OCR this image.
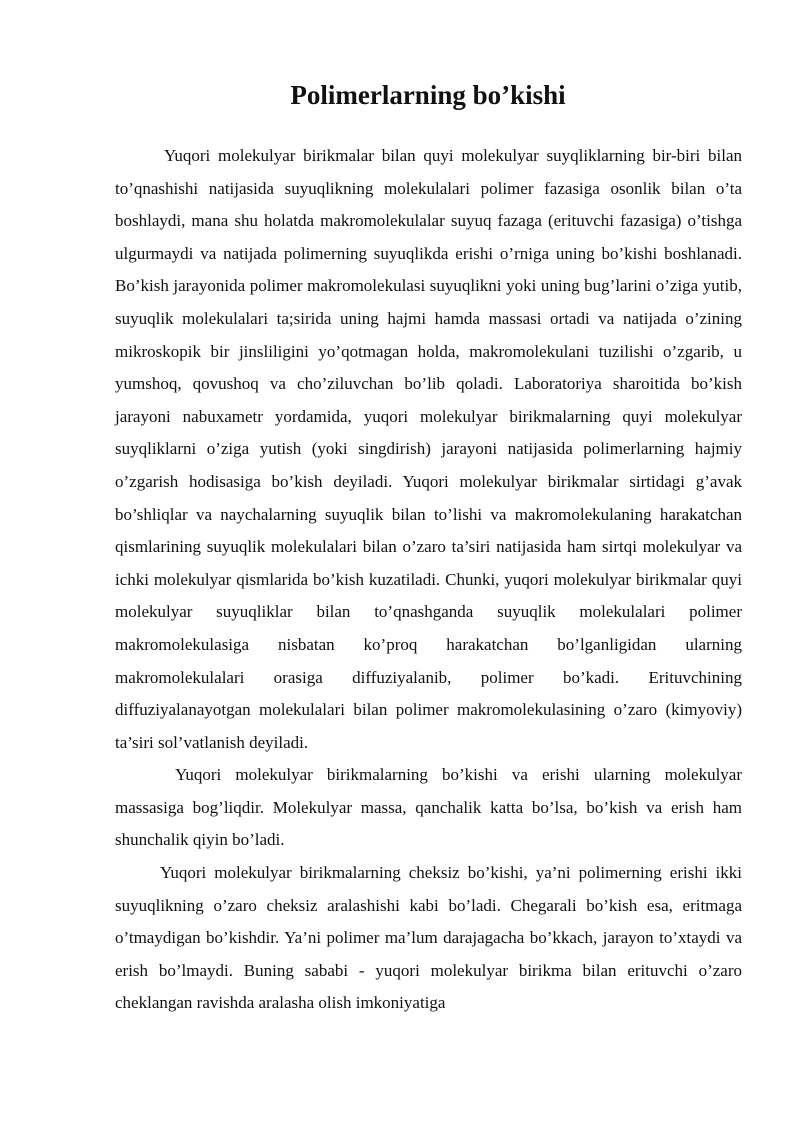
Polimerlarning bo’kishi

Yuqori molekulyar birikmalar bilan quyi molekulyar suyqliklarning bir-biri bilan to’qnashishi natijasida suyuqlikning molekulalari polimer fazasiga osonlik bilan o’ta boshlaydi, mana shu holatda makromolekulalar suyuq fazaga (erituvchi fazasiga) o’tishga ulgurmaydi va natijada polimerning suyuqlikda erishi o’rniga uning bo’kishi boshlanadi. Bo’kish jarayonida polimer makromolekulasi suyuqlikni yoki uning bug’larini o’ziga yutib, suyuqlik molekulalari ta;sirida uning hajmi hamda massasi ortadi va natijada o’zining mikroskopik bir jinsliligini yo’qotmagan holda, makromolekulani tuzilishi o’zgarib, u yumshoq, qovushoq va cho’ziluvchan bo’lib qoladi. Laboratoriya sharoitida bo’kish jarayoni nabuxametr yordamida, yuqori molekulyar birikmalarning quyi molekulyar suyqliklarni o’ziga yutish (yoki singdirish) jarayoni natijasida polimerlarning hajmiy o’zgarish hodisasiga bo’kish deyiladi. Yuqori molekulyar birikmalar sirtidagi g’avak bo’shliqlar va naychalarning suyuqlik bilan to’lishi va makromolekulaning harakatchan qismlarining suyuqlik molekulalari bilan o’zaro ta’siri natijasida ham sirtqi molekulyar va ichki molekulyar qismlarida bo’kish kuzatiladi. Chunki, yuqori molekulyar birikmalar quyi molekulyar suyuqliklar bilan to’qnashganda suyuqlik molekulalari polimer makromolekulasiga nisbatan ko’proq harakatchan bo’lganligidan ularning makromolekulalari orasiga diffuziyalanib, polimer bo’kadi. Erituvchining diffuziyalanayotgan molekulalari bilan polimer makromolekulasining o’zaro (kimyoviy) ta’siri sol’vatlanish deyiladi.

Yuqori molekulyar birikmalarning bo’kishi va erishi ularning molekulyar massasiga bog’liqdir. Molekulyar massa, qanchalik katta bo’lsa, bo’kish va erish ham shunchalik qiyin bo’ladi.

Yuqori molekulyar birikmalarning cheksiz bo’kishi, ya’ni polimerning erishi ikki suyuqlikning o’zaro cheksiz aralashishi kabi bo’ladi. Chegarali bo’kish esa, eritmaga o’tmaydigan bo’kishdir. Ya’ni polimer ma’lum darajagacha bo’kkach, jarayon to’xtaydi va erish bo’lmaydi. Buning sababi - yuqori molekulyar birikma bilan erituvchi o’zaro cheklangan ravishda aralasha olish imkoniyatiga
